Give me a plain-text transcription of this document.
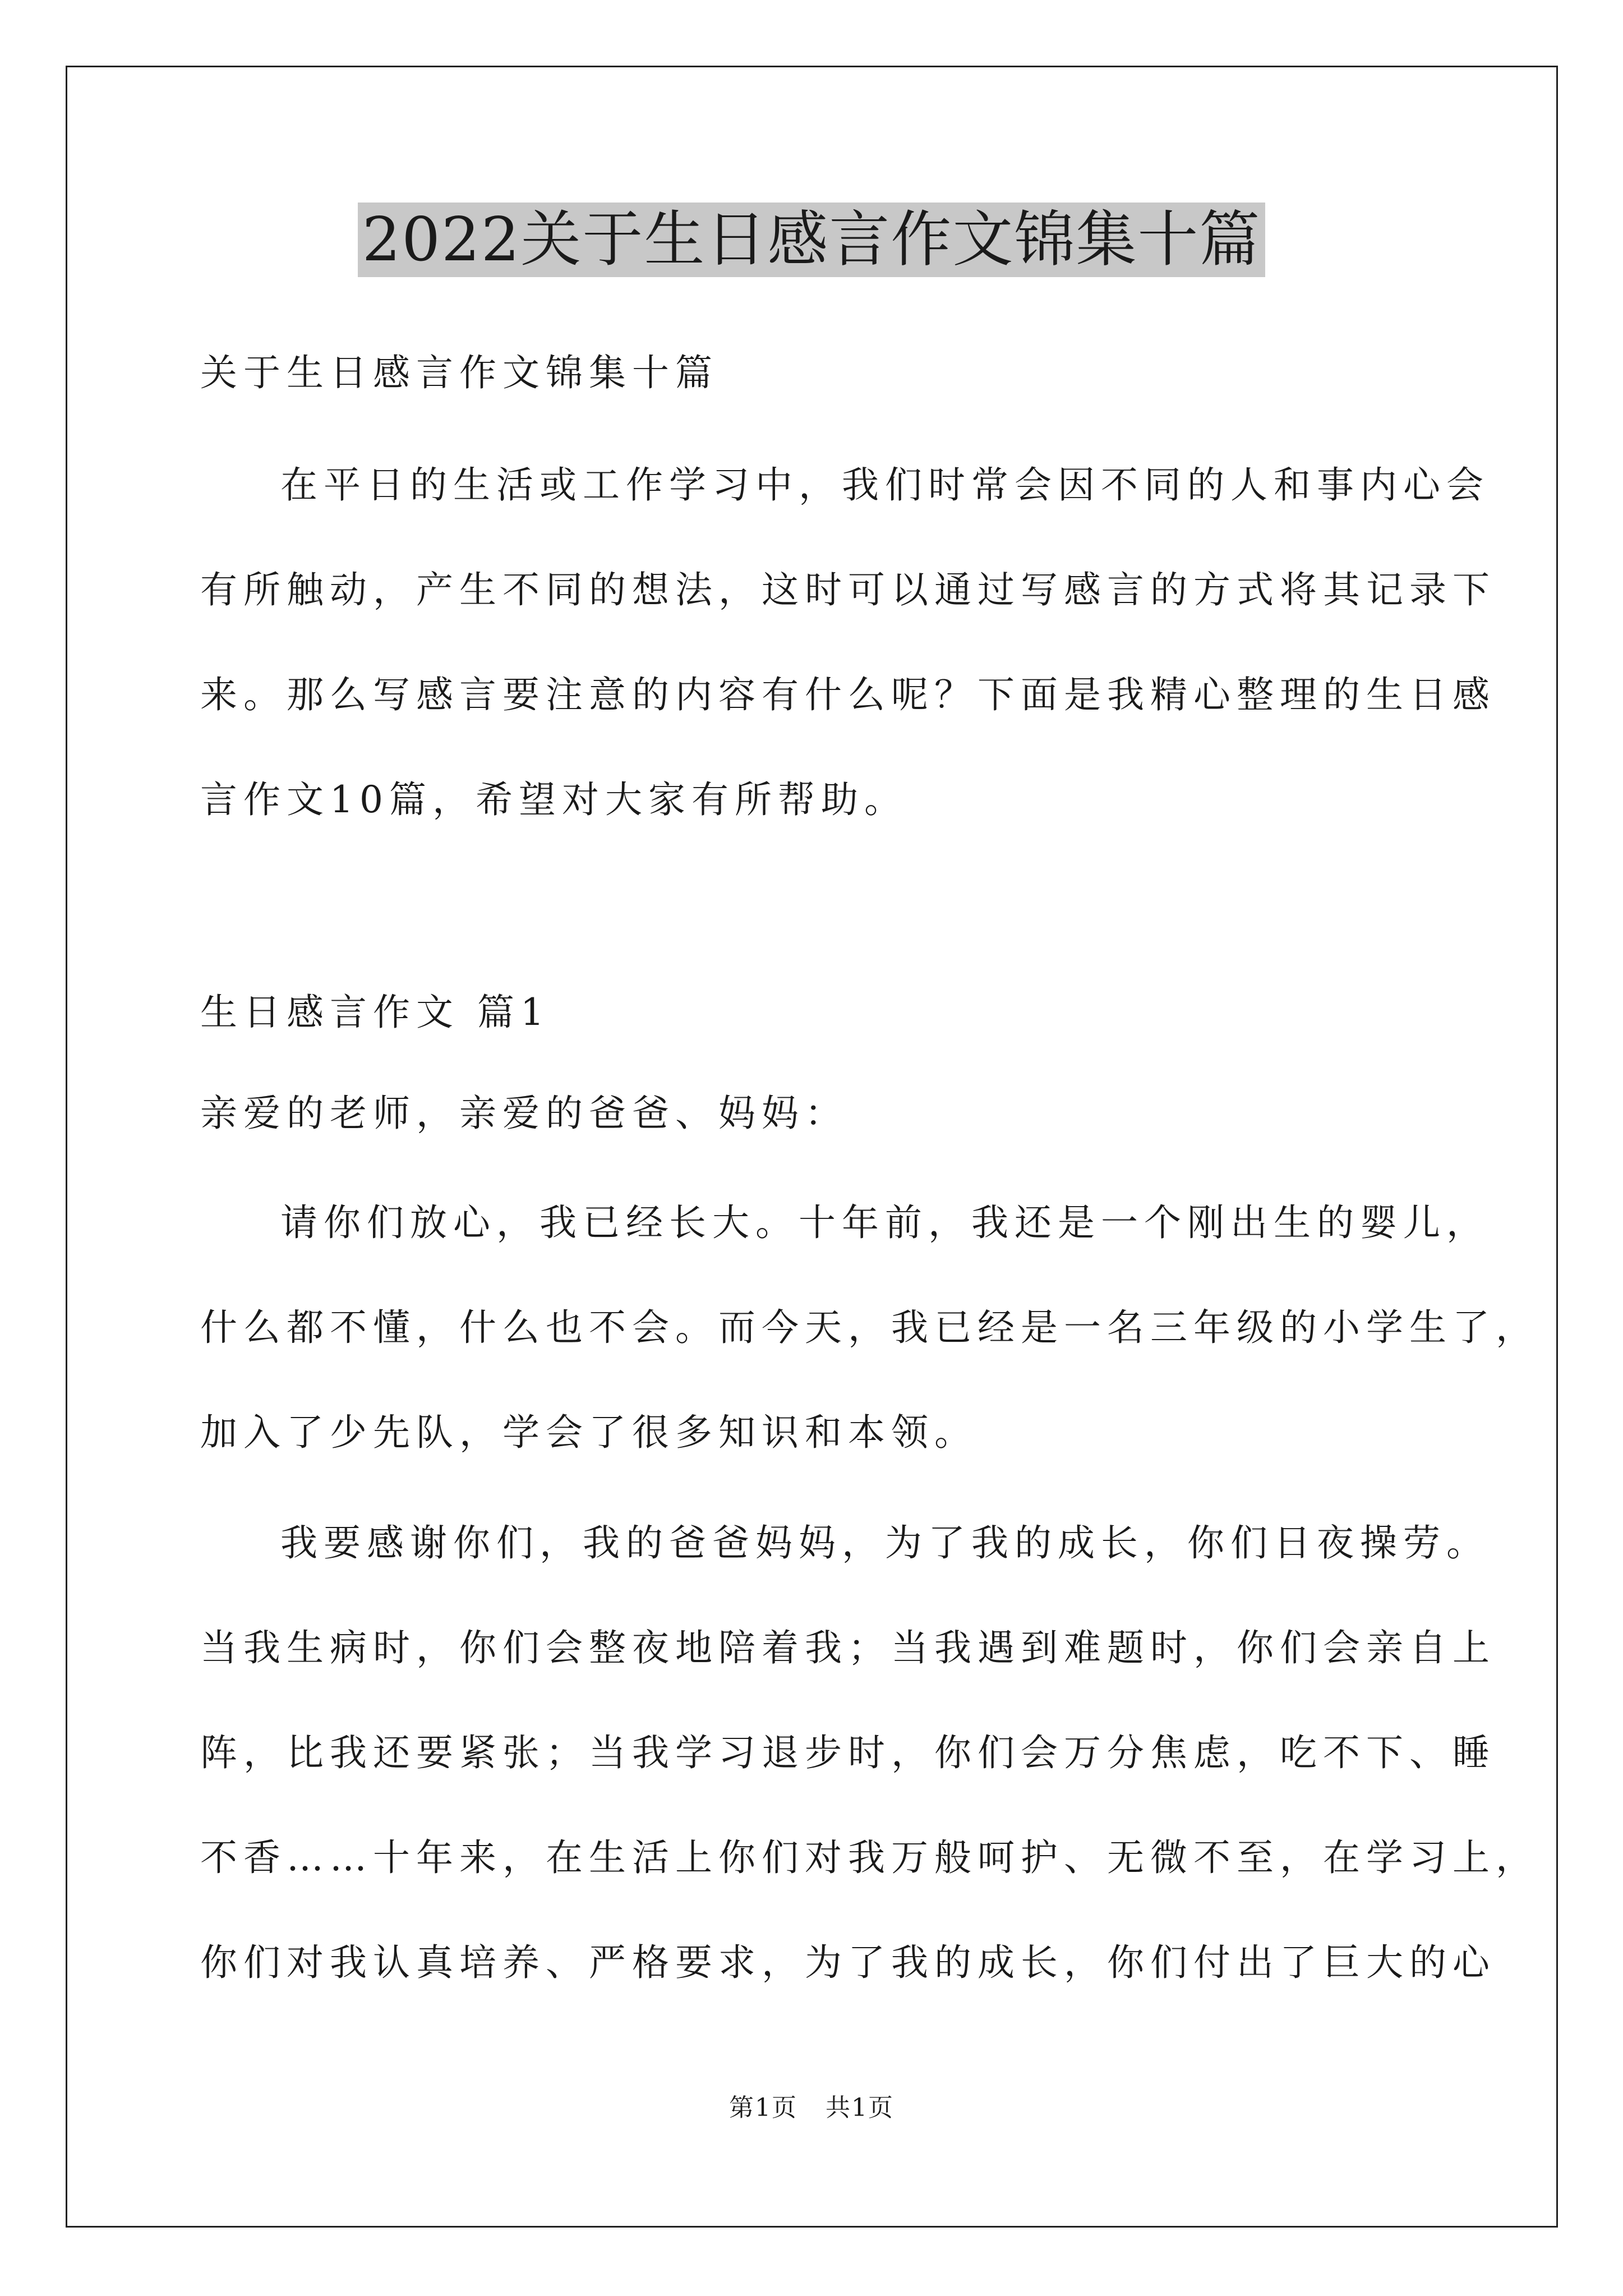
2022关于生日感言作文锦集十篇
关于生日感言作文锦集十篇
在平日的生活或工作学习中，我们时常会因不同的人和事内心会
有所触动，产生不同的想法，这时可以通过写感言的方式将其记录下
来。那么写感言要注意的内容有什么呢？下面是我精心整理的生日感
言作文10篇，希望对大家有所帮助。
生日感言作文 篇1
亲爱的老师，亲爱的爸爸、妈妈：
请你们放心，我已经长大。十年前，我还是一个刚出生的婴儿，
什么都不懂，什么也不会。而今天，我已经是一名三年级的小学生了，
加入了少先队，学会了很多知识和本领。
我要感谢你们，我的爸爸妈妈，为了我的成长，你们日夜操劳。
当我生病时，你们会整夜地陪着我；当我遇到难题时，你们会亲自上
阵，比我还要紧张；当我学习退步时，你们会万分焦虑，吃不下、睡
不香……十年来，在生活上你们对我万般呵护、无微不至，在学习上，
你们对我认真培养、严格要求，为了我的成长，你们付出了巨大的心
第1页 共1页
